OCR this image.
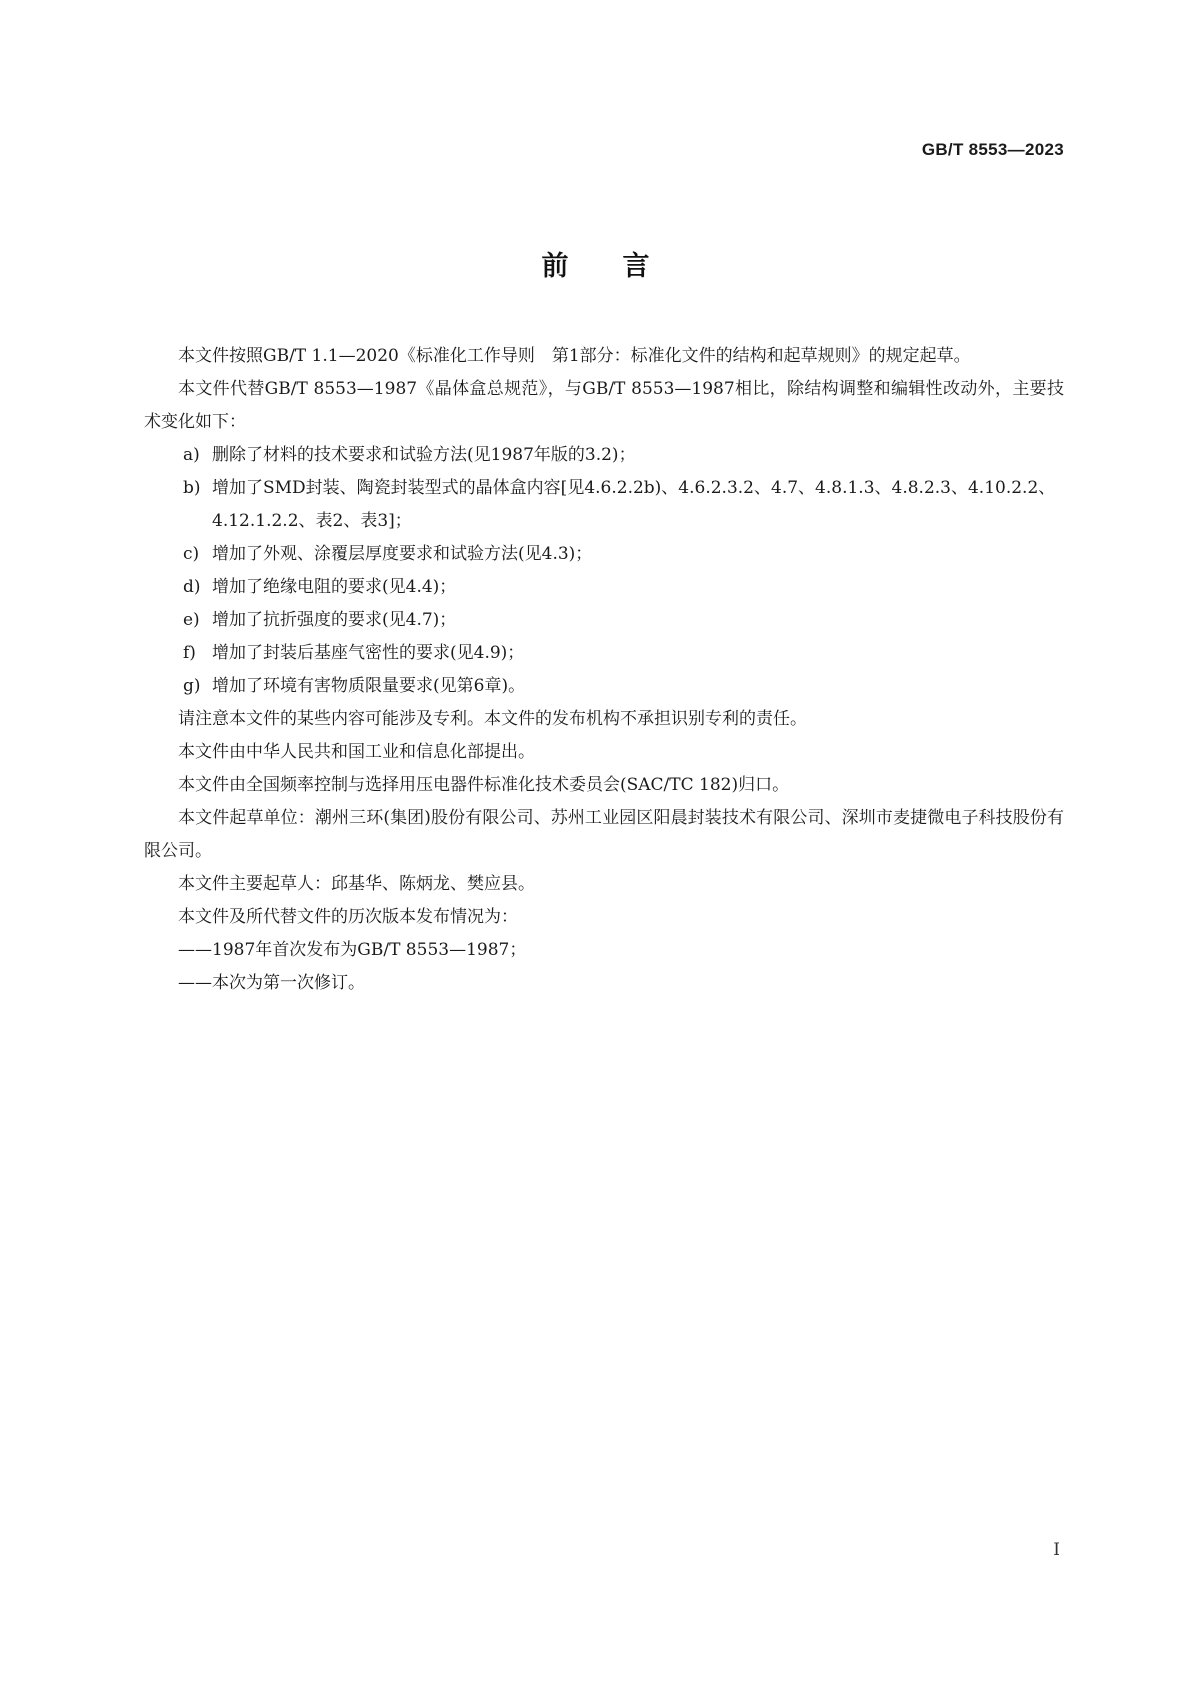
GB/T 8553—2023
前言

本文件按照GB/T 1.1—2020《标准化工作导则　第1部分：标准化文件的结构和起草规则》的规定起草。

本文件代替GB/T 8553—1987《晶体盒总规范》，与GB/T 8553—1987相比，除结构调整和编辑性改动外，主要技术变化如下：

a) 删除了材料的技术要求和试验方法(见1987年版的3.2)；

b) 增加了SMD封装、陶瓷封装型式的晶体盒内容[见4.6.2.2b)、4.6.2.3.2、4.7、4.8.1.3、4.8.2.3、4.10.2.2、4.12.1.2.2、表2、表3]；

c) 增加了外观、涂覆层厚度要求和试验方法(见4.3)；

d) 增加了绝缘电阻的要求(见4.4)；

e) 增加了抗折强度的要求(见4.7)；

f) 增加了封装后基座气密性的要求(见4.9)；

g) 增加了环境有害物质限量要求(见第6章)。

请注意本文件的某些内容可能涉及专利。本文件的发布机构不承担识别专利的责任。

本文件由中华人民共和国工业和信息化部提出。

本文件由全国频率控制与选择用压电器件标准化技术委员会(SAC/TC 182)归口。

本文件起草单位：潮州三环(集团)股份有限公司、苏州工业园区阳晨封装技术有限公司、深圳市麦捷微电子科技股份有限公司。

本文件主要起草人：邱基华、陈炳龙、樊应县。

本文件及所代替文件的历次版本发布情况为：

——1987年首次发布为GB/T 8553—1987；

——本次为第一次修订。

I
